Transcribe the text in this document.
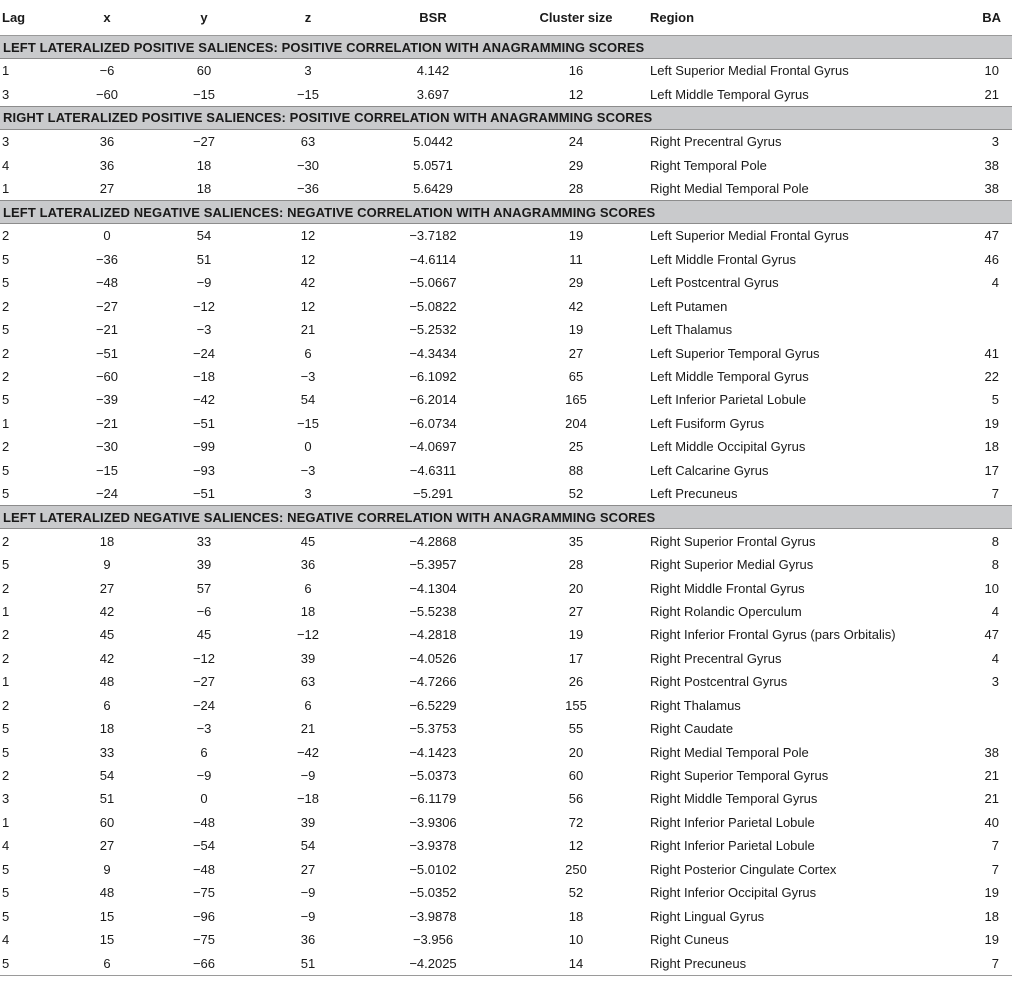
Lag	x	y	z	BSR	Cluster size	Region	BA
LEFT LATERALIZED POSITIVE SALIENCES: POSITIVE CORRELATION WITH ANAGRAMMING SCORES							
1	−6	60	3	4.142	16	Left Superior Medial Frontal Gyrus	10
3	−60	−15	−15	3.697	12	Left Middle Temporal Gyrus	21
RIGHT LATERALIZED POSITIVE SALIENCES: POSITIVE CORRELATION WITH ANAGRAMMING SCORES							
3	36	−27	63	5.0442	24	Right Precentral Gyrus	3
4	36	18	−30	5.0571	29	Right Temporal Pole	38
1	27	18	−36	5.6429	28	Right Medial Temporal Pole	38
LEFT LATERALIZED NEGATIVE SALIENCES: NEGATIVE CORRELATION WITH ANAGRAMMING SCORES							
2	0	54	12	−3.7182	19	Left Superior Medial Frontal Gyrus	47
5	−36	51	12	−4.6114	11	Left Middle Frontal Gyrus	46
5	−48	−9	42	−5.0667	29	Left Postcentral Gyrus	4
2	−27	−12	12	−5.0822	42	Left Putamen	
5	−21	−3	21	−5.2532	19	Left Thalamus	
2	−51	−24	6	−4.3434	27	Left Superior Temporal Gyrus	41
2	−60	−18	−3	−6.1092	65	Left Middle Temporal Gyrus	22
5	−39	−42	54	−6.2014	165	Left Inferior Parietal Lobule	5
1	−21	−51	−15	−6.0734	204	Left Fusiform Gyrus	19
2	−30	−99	0	−4.0697	25	Left Middle Occipital Gyrus	18
5	−15	−93	−3	−4.6311	88	Left Calcarine Gyrus	17
5	−24	−51	3	−5.291	52	Left Precuneus	7
LEFT LATERALIZED NEGATIVE SALIENCES: NEGATIVE CORRELATION WITH ANAGRAMMING SCORES							
2	18	33	45	−4.2868	35	Right Superior Frontal Gyrus	8
5	9	39	36	−5.3957	28	Right Superior Medial Gyrus	8
2	27	57	6	−4.1304	20	Right Middle Frontal Gyrus	10
1	42	−6	18	−5.5238	27	Right Rolandic Operculum	4
2	45	45	−12	−4.2818	19	Right Inferior Frontal Gyrus (pars Orbitalis)	47
2	42	−12	39	−4.0526	17	Right Precentral Gyrus	4
1	48	−27	63	−4.7266	26	Right Postcentral Gyrus	3
2	6	−24	6	−6.5229	155	Right Thalamus	
5	18	−3	21	−5.3753	55	Right Caudate	
5	33	6	−42	−4.1423	20	Right Medial Temporal Pole	38
2	54	−9	−9	−5.0373	60	Right Superior Temporal Gyrus	21
3	51	0	−18	−6.1179	56	Right Middle Temporal Gyrus	21
1	60	−48	39	−3.9306	72	Right Inferior Parietal Lobule	40
4	27	−54	54	−3.9378	12	Right Inferior Parietal Lobule	7
5	9	−48	27	−5.0102	250	Right Posterior Cingulate Cortex	7
5	48	−75	−9	−5.0352	52	Right Inferior Occipital Gyrus	19
5	15	−96	−9	−3.9878	18	Right Lingual Gyrus	18
4	15	−75	36	−3.956	10	Right Cuneus	19
5	6	−66	51	−4.2025	14	Right Precuneus	7
